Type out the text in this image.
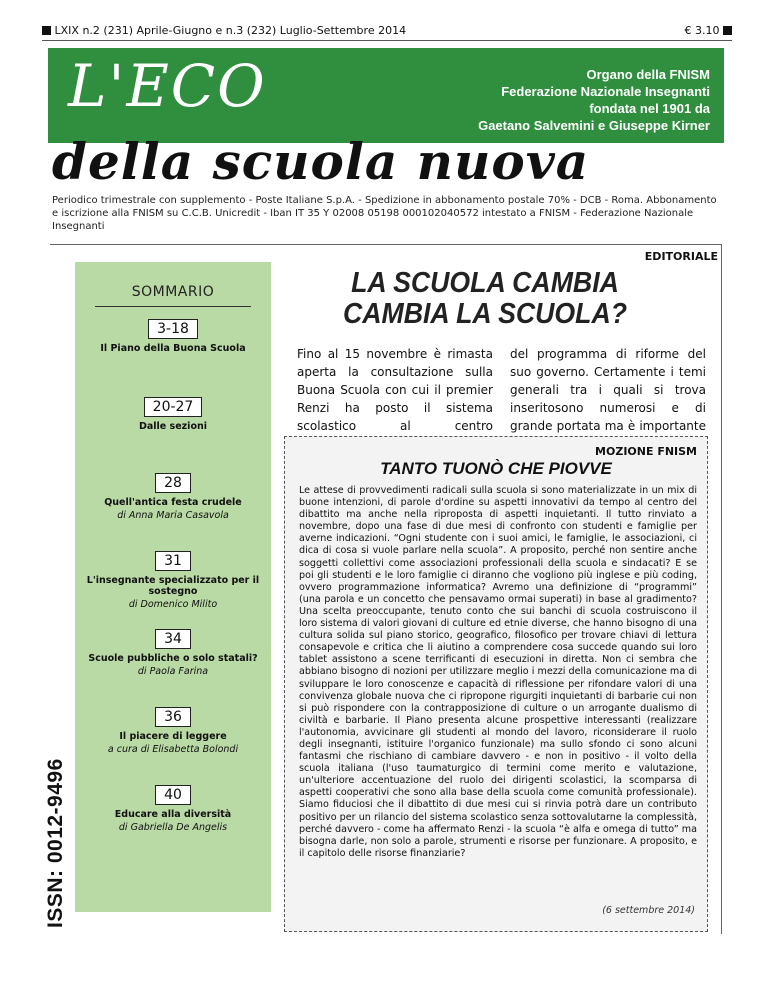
LXIX n.2 (231) Aprile-Giugno e n.3 (232) Luglio-Settembre 2014	€ 3.10
L'ECO	Organo della FNISM
Federazione Nazionale Insegnanti
fondata nel 1901 da
Gaetano Salvemini e Giuseppe Kirner
della scuola nuova
Periodico trimestrale con supplemento - Poste Italiane S.p.A. - Spedizione in abbonamento postale 70% - DCB - Roma. Abbonamento e iscrizione alla FNISM su C.C.B. Unicredit - Iban IT 35 Y 02008 05198 000102040572 intestato a FNISM - Federazione Nazionale Insegnanti
EDITORIALE
SOMMARIO
3-18
Il Piano della Buona Scuola
20-27
Dalle sezioni
28
Quell'antica festa crudele
di Anna Maria Casavola
31
L'insegnante specializzato per il sostegno
di Domenico Milito
34
Scuole pubbliche o solo statali?
di Paola Farina
36
Il piacere di leggere
a cura di Elisabetta Bolondi
40
Educare alla diversità
di Gabriella De Angelis
ISSN: 0012-9496
LA SCUOLA CAMBIA
CAMBIA LA SCUOLA?
Fino al 15 novembre è rimasta aperta la consultazione sulla Buona Scuola con cui il premier Renzi ha posto il sistema scolastico al centro
del programma di riforme del suo governo. Certamente i temi generali tra i quali si trova inseritosono numerosi e di grande portata ma è importante
MOZIONE FNISM
TANTO TUONÒ CHE PIOVVE
Le attese di provvedimenti radicali sulla scuola si sono materializzate in un mix di buone intenzioni, di parole d'ordine su aspetti innovativi da tempo al centro del dibattito ma anche nella riproposta di aspetti inquietanti. Il tutto rinviato a novembre, dopo una fase di due mesi di confronto con studenti e famiglie per averne indicazioni. “Ogni studente con i suoi amici, le famiglie, le associazioni, ci dica di cosa si vuole parlare nella scuola”. A proposito, perché non sentire anche soggetti collettivi come associazioni professionali della scuola e sindacati? E se poi gli studenti e le loro famiglie ci diranno che vogliono più inglese e più coding, ovvero programmazione informatica? Avremo una definizione di “programmi” (una parola e un concetto che pensavamo ormai superati) in base al gradimento? Una scelta preoccupante, tenuto conto che sui banchi di scuola costruiscono il loro sistema di valori giovani di culture ed etnie diverse, che hanno bisogno di una cultura solida sul piano storico, geografico, filosofico per trovare chiavi di lettura consapevole e critica che li aiutino a comprendere cosa succede quando sui loro tablet assistono a scene terrificanti di esecuzioni in diretta. Non ci sembra che abbiano bisogno di nozioni per utilizzare meglio i mezzi della comunicazione ma di sviluppare le loro conoscenze e capacità di riflessione per rifondare valori di una convivenza globale nuova che ci ripropone rigurgiti inquietanti di barbarie cui non si può rispondere con la contrapposizione di culture o un arrogante dualismo di civiltà e barbarie. Il Piano presenta alcune prospettive interessanti (realizzare l'autonomia, avvicinare gli studenti al mondo del lavoro, riconsiderare il ruolo degli insegnanti, istituire l'organico funzionale) ma sullo sfondo ci sono alcuni fantasmi che rischiano di cambiare davvero - e non in positivo - il volto della scuola italiana (l'uso taumaturgico di termini come merito e valutazione, un'ulteriore accentuazione del ruolo dei dirigenti scolastici, la scomparsa di aspetti cooperativi che sono alla base della scuola come comunità professionale). Siamo fiduciosi che il dibattito di due mesi cui si rinvia potrà dare un contributo positivo per un rilancio del sistema scolastico senza sottovalutarne la complessità, perché davvero - come ha affermato Renzi - la scuola “è alfa e omega di tutto” ma bisogna darle, non solo a parole, strumenti e risorse per funzionare. A proposito, e il capitolo delle risorse finanziarie?
(6 settembre 2014)
